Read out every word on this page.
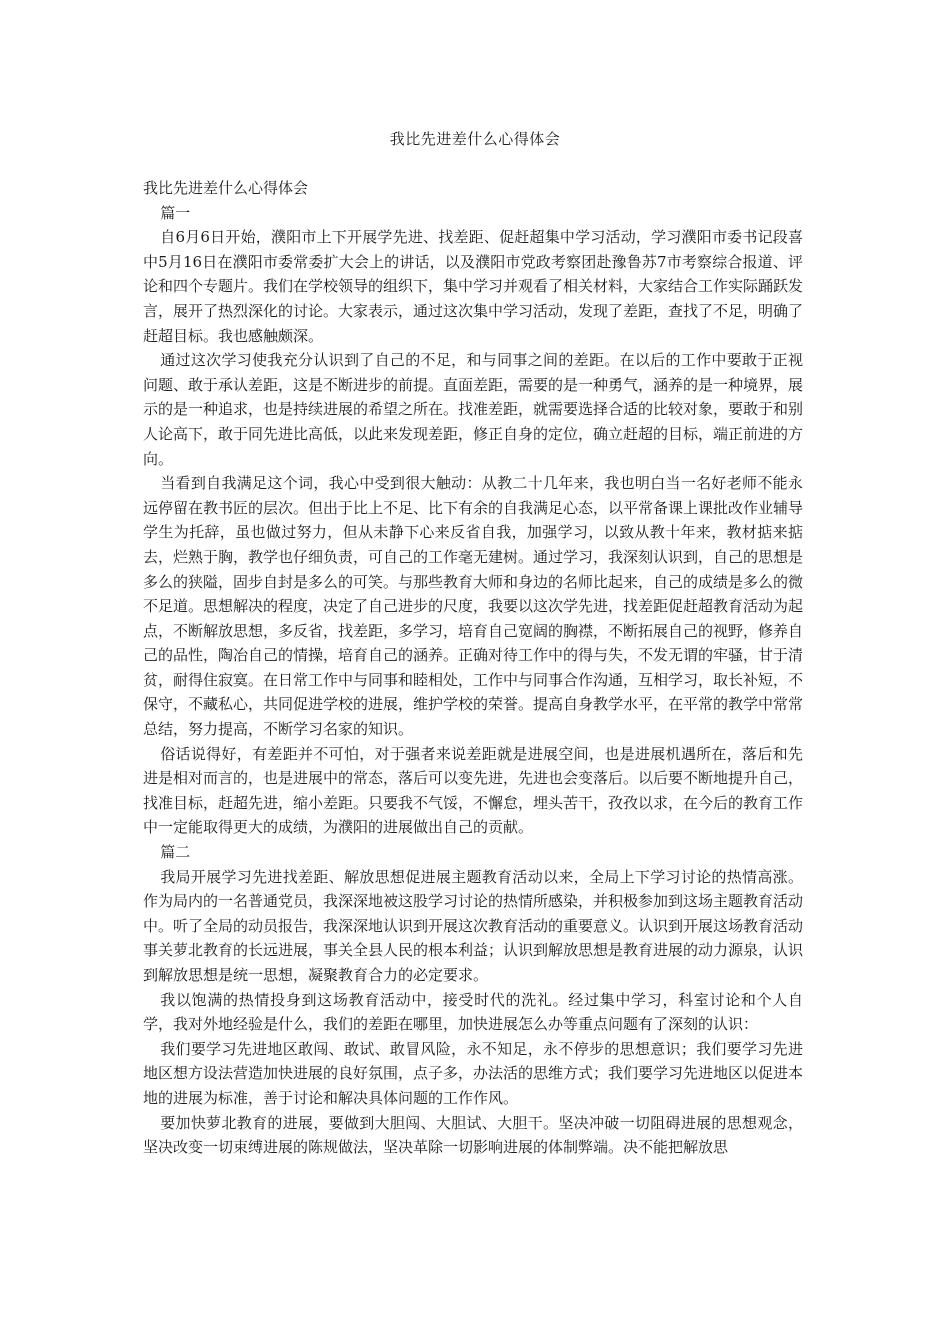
我比先进差什么心得体会

我比先进差什么心得体会

篇一

自6月6日开始，濮阳市上下开展学先进、找差距、促赶超集中学习活动，学习濮阳市委书记段喜中5月16日在濮阳市委常委扩大会上的讲话，以及濮阳市党政考察团赴豫鲁苏7市考察综合报道、评论和四个专题片。我们在学校领导的组织下，集中学习并观看了相关材料，大家结合工作实际踊跃发言，展开了热烈深化的讨论。大家表示，通过这次集中学习活动，发现了差距，查找了不足，明确了赶超目标。我也感触颇深。

通过这次学习使我充分认识到了自己的不足，和与同事之间的差距。在以后的工作中要敢于正视问题、敢于承认差距，这是不断进步的前提。直面差距，需要的是一种勇气，涵养的是一种境界，展示的是一种追求，也是持续进展的希望之所在。找准差距，就需要选择合适的比较对象，要敢于和别人论高下，敢于同先进比高低，以此来发现差距，修正自身的定位，确立赶超的目标，端正前进的方向。

当看到自我满足这个词，我心中受到很大触动：从教二十几年来，我也明白当一名好老师不能永远停留在教书匠的层次。但出于比上不足、比下有余的自我满足心态，以平常备课上课批改作业辅导学生为托辞，虽也做过努力，但从未静下心来反省自我，加强学习，以致从教十年来，教材掂来掂去，烂熟于胸，教学也仔细负责，可自己的工作毫无建树。通过学习，我深刻认识到，自己的思想是多么的狭隘，固步自封是多么的可笑。与那些教育大师和身边的名师比起来，自己的成绩是多么的微不足道。思想解决的程度，决定了自己进步的尺度，我要以这次学先进，找差距促赶超教育活动为起点，不断解放思想，多反省，找差距，多学习，培育自己宽阔的胸襟，不断拓展自己的视野，修养自己的品性，陶冶自己的情操，培育自己的涵养。正确对待工作中的得与失，不发无谓的牢骚，甘于清贫，耐得住寂寞。在日常工作中与同事和睦相处，工作中与同事合作沟通，互相学习，取长补短，不保守，不藏私心，共同促进学校的进展，维护学校的荣誉。提高自身教学水平，在平常的教学中常常总结，努力提高，不断学习名家的知识。

俗话说得好，有差距并不可怕，对于强者来说差距就是进展空间，也是进展机遇所在，落后和先进是相对而言的，也是进展中的常态，落后可以变先进，先进也会变落后。以后要不断地提升自己，找准目标，赶超先进，缩小差距。只要我不气馁，不懈怠，埋头苦干，孜孜以求，在今后的教育工作中一定能取得更大的成绩，为濮阳的进展做出自己的贡献。

篇二

我局开展学习先进找差距、解放思想促进展主题教育活动以来，全局上下学习讨论的热情高涨。作为局内的一名普通党员，我深深地被这股学习讨论的热情所感染，并积极参加到这场主题教育活动中。听了全局的动员报告，我深深地认识到开展这次教育活动的重要意义。认识到开展这场教育活动事关萝北教育的长远进展，事关全县人民的根本利益；认识到解放思想是教育进展的动力源泉，认识到解放思想是统一思想，凝聚教育合力的必定要求。

我以饱满的热情投身到这场教育活动中，接受时代的洗礼。经过集中学习，科室讨论和个人自学，我对外地经验是什么，我们的差距在哪里，加快进展怎么办等重点问题有了深刻的认识：

我们要学习先进地区敢闯、敢试、敢冒风险，永不知足，永不停步的思想意识；我们要学习先进地区想方设法营造加快进展的良好氛围，点子多，办法活的思维方式；我们要学习先进地区以促进本地的进展为标准，善于讨论和解决具体问题的工作作风。

要加快萝北教育的进展，要做到大胆闯、大胆试、大胆干。坚决冲破一切阻碍进展的思想观念，坚决改变一切束缚进展的陈规做法，坚决革除一切影响进展的体制弊端。决不能把解放思
